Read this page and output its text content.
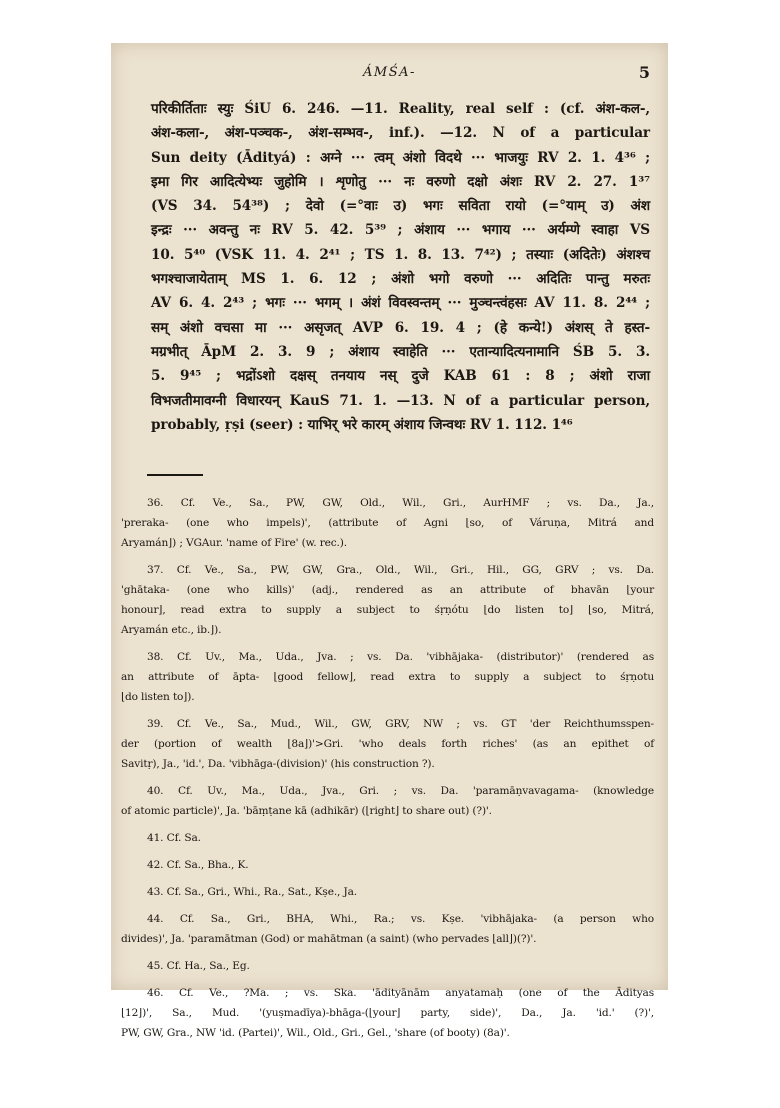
ÁMŚA-	5
परिकीर्तिताः स्युः ŚiU 6. 246. —11. Reality, real self : (cf. अंश-कल-,
अंश-कला-, अंश-पञ्चक-, अंश-सम्भव-, inf.). —12. N of a particular
Sun deity (Ādityá) : अग्ने ··· त्वम् अंशो विदथे ··· भाजयुः RV 2. 1. 4³⁶ ;
इमा गिर आदित्येभ्यः जुहोमि । शृणोतु ··· नः वरुणो दक्षो अंशः RV 2. 27. 1³⁷
(VS 34. 54³⁸) ; देवो (=°वाः उ) भगः सविता रायो (=°याम् उ) अंश
इन्द्रः ··· अवन्तु नः RV 5. 42. 5³⁹ ; अंशाय ··· भगाय ··· अर्यम्णे स्वाहा VS
10. 5⁴⁰ (VSK 11. 4. 2⁴¹ ; TS 1. 8. 13. 7⁴²) ; तस्याः (अदितेः) अंशश्च
भगश्चाजायेताम् MS 1. 6. 12 ; अंशो भगो वरुणो ··· अदितिः पान्तु मरुतः
AV 6. 4. 2⁴³ ; भगः ··· भगम् । अंशं विवस्वन्तम् ··· मुञ्चन्त्वंहसः AV 11. 8. 2⁴⁴ ;
सम् अंशो वचसा मा ··· असृजत् AVP 6. 19. 4 ; (हे कन्ये!) अंशस् ते हस्त-
मग्रभीत् ĀpM 2. 3. 9 ; अंशाय स्वाहेति ··· एतान्यादित्यनामानि ŚB 5. 3.
5. 9⁴⁵ ; भद्रोंऽशो दक्षस् तनयाय नस् दुजे KAB 61 : 8 ; अंशो राजा
विभजतीमावग्नी विधारयन् KauS 71. 1. —13. N of a particular person,
probably, ṛṣi (seer) : याभिर् भरे कारम् अंशाय जिन्वथः RV 1. 112. 1⁴⁶
36. Cf. Ve., Sa., PW, GW, Old., Wil., Gri., AurHMF ; vs. Da., Ja.,
'preraka- (one who impels)', (attribute of Agni ⌊so, of Váruṇa, Mitrá and
Aryamán⌋) ; VGAur. 'name of Fire' (w. rec.).
37. Cf. Ve., Sa., PW, GW, Gra., Old., Wil., Gri., Hil., GG, GRV ; vs. Da.
'ghātaka- (one who kills)' (adj., rendered as an attribute of bhavān ⌊your
honour⌋, read extra to supply a subject to śṛṇótu ⌊do listen to⌋ ⌊so, Mitrá,
Aryamán etc., ib.⌋).
38. Cf. Uv., Ma., Uda., Jva. ; vs. Da. 'vibhājaka- (distributor)' (rendered as
an attribute of āpta- ⌊good fellow⌋, read extra to supply a subject to śṛṇotu
⌊do listen to⌋).
39. Cf. Ve., Sa., Mud., Wil., GW, GRV, NW ; vs. GT 'der Reichthumsspen-
der (portion of wealth ⌊8a⌋)'>Gri. 'who deals forth riches' (as an epithet of
Savitṛ), Ja., 'id.', Da. 'vibhāga-(division)' (his construction ?).
40. Cf. Uv., Ma., Uda., Jva., Gri. ; vs. Da. 'paramāṇvavagama- (knowledge
of atomic particle)', Ja. 'bāṃṭane kā (adhikār) (⌊right⌋ to share out) (?)'.
41. Cf. Sa.
42. Cf. Sa., Bha., K.
43. Cf. Sa., Gri., Whi., Ra., Sat., Kṣe., Ja.
44. Cf. Sa., Gri., BHA, Whi., Ra.; vs. Kṣe. 'vibhājaka- (a person who
divides)', Ja. 'paramātman (God) or mahātman (a saint) (who pervades ⌊all⌋)(?)'.
45. Cf. Ha., Sa., Eg.
46. Cf. Ve., ?Ma. ; vs. Ska. 'ādityānām anyatamaḥ (one of the Ādityas
⌊12⌋)', Sa., Mud. '(yuṣmadīya)-bhāga-(⌊your⌋ party, side)', Da., Ja. 'id.' (?)',
PW, GW, Gra., NW 'id. (Partei)', Wil., Old., Gri., Gel., 'share (of booty) (8a)'.
